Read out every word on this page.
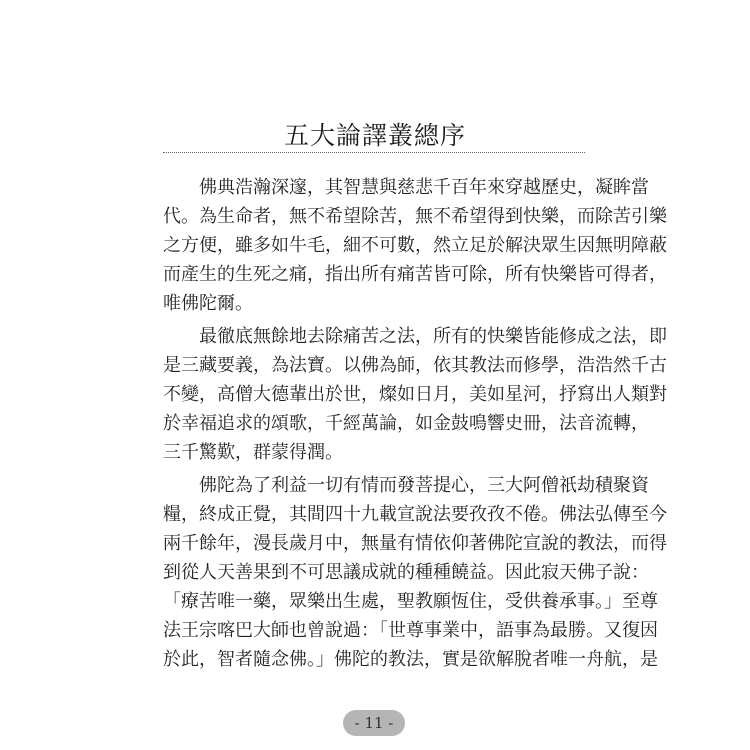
五大論譯叢總序

佛典浩瀚深邃，其智慧與慈悲千百年來穿越歷史，凝眸當
代。為生命者，無不希望除苦，無不希望得到快樂，而除苦引樂
之方便，雖多如牛毛，細不可數，然立足於解決眾生因無明障蔽
而產生的生死之痛，指出所有痛苦皆可除，所有快樂皆可得者，
唯佛陀爾。

最徹底無餘地去除痛苦之法，所有的快樂皆能修成之法，即
是三藏要義，為法寶。以佛為師，依其教法而修學，浩浩然千古
不變，高僧大德輩出於世，燦如日月，美如星河，抒寫出人類對
於幸福追求的頌歌，千經萬論，如金鼓鳴響史冊，法音流轉，
三千驚歎，群蒙得潤。

佛陀為了利益一切有情而發菩提心，三大阿僧祇劫積聚資
糧，終成正覺，其間四十九載宣說法要孜孜不倦。佛法弘傳至今
兩千餘年，漫長歲月中，無量有情依仰著佛陀宣說的教法，而得
到從人天善果到不可思議成就的種種饒益。因此寂天佛子說：
「療苦唯一藥，眾樂出生處，聖教願恆住，受供養承事。」至尊
法王宗喀巴大師也曾說過：「世尊事業中，語事為最勝。又復因
於此，智者隨念佛。」佛陀的教法，實是欲解脫者唯一舟航，是

- 11 -
